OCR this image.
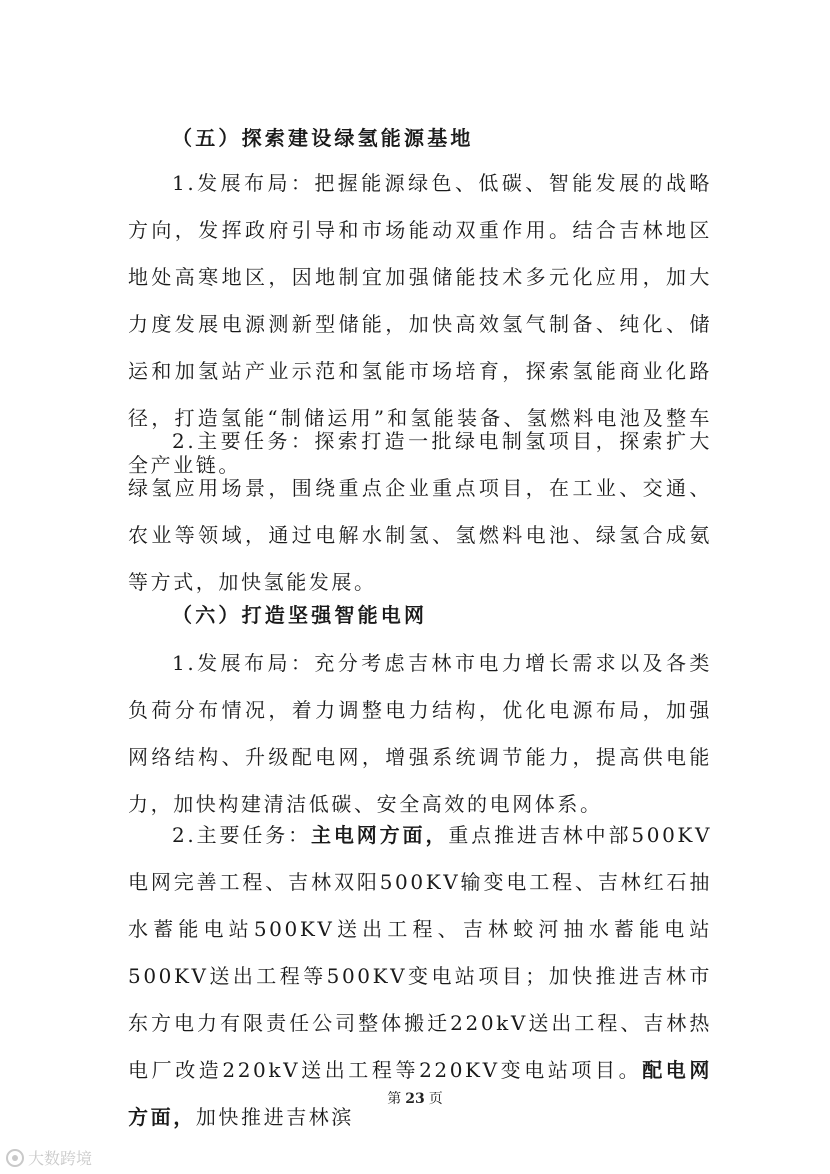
（五）探索建设绿氢能源基地

1.发展布局：把握能源绿色、低碳、智能发展的战略方向，发挥政府引导和市场能动双重作用。结合吉林地区地处高寒地区，因地制宜加强储能技术多元化应用，加大力度发展电源测新型储能，加快高效氢气制备、纯化、储运和加氢站产业示范和氢能市场培育，探索氢能商业化路径，打造氢能“制储运用”和氢能装备、氢燃料电池及整车全产业链。

2.主要任务：探索打造一批绿电制氢项目，探索扩大绿氢应用场景，围绕重点企业重点项目，在工业、交通、农业等领域，通过电解水制氢、氢燃料电池、绿氢合成氨等方式，加快氢能发展。

（六）打造坚强智能电网

1.发展布局：充分考虑吉林市电力增长需求以及各类负荷分布情况，着力调整电力结构，优化电源布局，加强网络结构、升级配电网，增强系统调节能力，提高供电能力，加快构建清洁低碳、安全高效的电网体系。

2.主要任务：主电网方面，重点推进吉林中部500KV电网完善工程、吉林双阳500KV输变电工程、吉林红石抽水蓄能电站500KV送出工程、吉林蛟河抽水蓄能电站500KV送出工程等500KV变电站项目；加快推进吉林市东方电力有限责任公司整体搬迁220kV送出工程、吉林热电厂改造220kV送出工程等220KV变电站项目。配电网方面，加快推进吉林滨

第 23 页
大数跨境
